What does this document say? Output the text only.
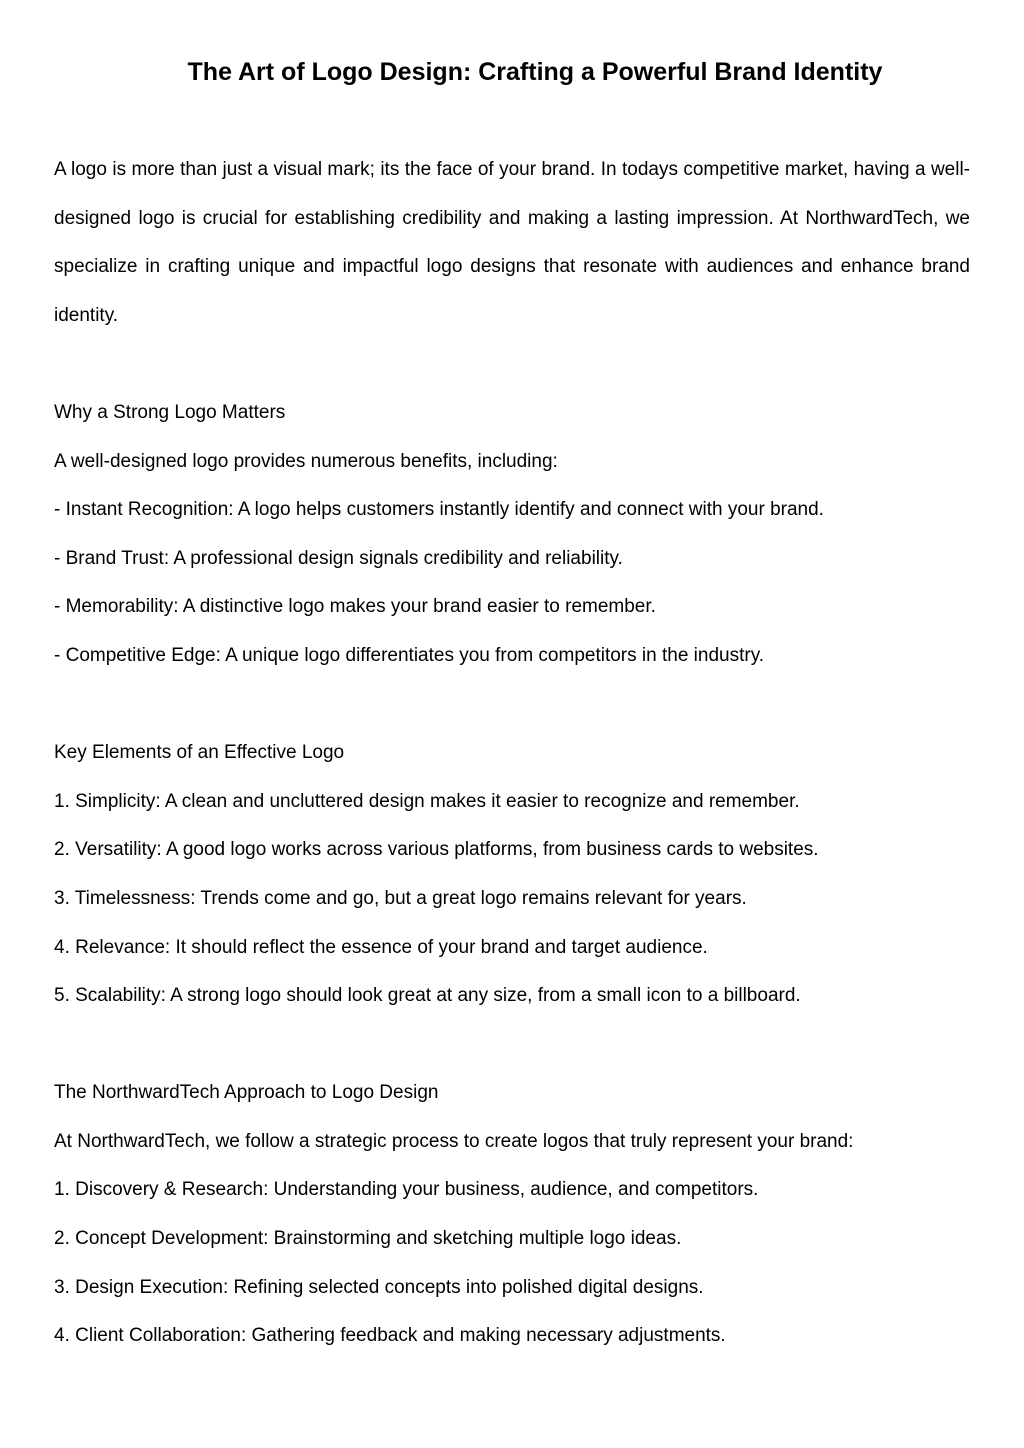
The Art of Logo Design: Crafting a Powerful Brand Identity

A logo is more than just a visual mark; its the face of your brand. In todays competitive market, having a well-designed logo is crucial for establishing credibility and making a lasting impression. At NorthwardTech, we specialize in crafting unique and impactful logo designs that resonate with audiences and enhance brand identity.

Why a Strong Logo Matters

A well-designed logo provides numerous benefits, including:

- Instant Recognition: A logo helps customers instantly identify and connect with your brand.

- Brand Trust: A professional design signals credibility and reliability.

- Memorability: A distinctive logo makes your brand easier to remember.

- Competitive Edge: A unique logo differentiates you from competitors in the industry.

Key Elements of an Effective Logo

1. Simplicity: A clean and uncluttered design makes it easier to recognize and remember.

2. Versatility: A good logo works across various platforms, from business cards to websites.

3. Timelessness: Trends come and go, but a great logo remains relevant for years.

4. Relevance: It should reflect the essence of your brand and target audience.

5. Scalability: A strong logo should look great at any size, from a small icon to a billboard.

The NorthwardTech Approach to Logo Design

At NorthwardTech, we follow a strategic process to create logos that truly represent your brand:

1. Discovery & Research: Understanding your business, audience, and competitors.

2. Concept Development: Brainstorming and sketching multiple logo ideas.

3. Design Execution: Refining selected concepts into polished digital designs.

4. Client Collaboration: Gathering feedback and making necessary adjustments.
